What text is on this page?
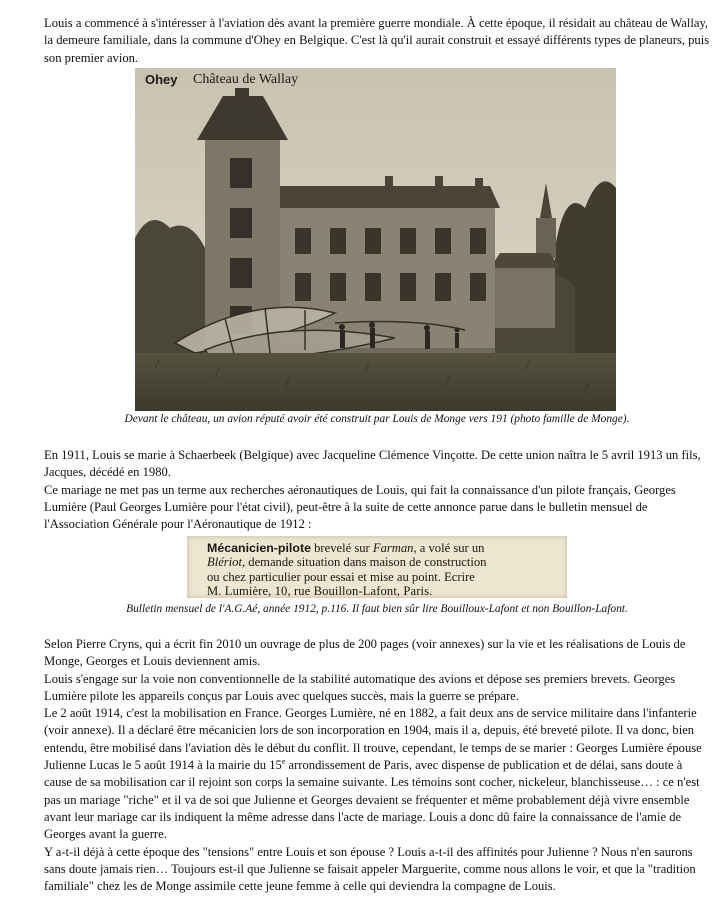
Louis a commencé à s'intéresser à l'aviation dès avant la première guerre mondiale. À cette époque, il résidait au château de Wallay, la demeure familiale, dans la commune d'Ohey en Belgique. C'est là qu'il aurait construit et essayé différents types de planeurs, puis son premier avion.

Ohey Château de Wallay
Devant le château, un avion réputé avoir été construit par Louis de Monge vers 191 (photo famille de Monge).

En 1911, Louis se marie à Schaerbeek (Belgique) avec Jacqueline Clémence Vinçotte. De cette union naîtra le 5 avril 1913 un fils, Jacques, décédé en 1980.

Ce mariage ne met pas un terme aux recherches aéronautiques de Louis, qui fait la connaissance d'un pilote français, Georges Lumière (Paul Georges Lumière pour l'état civil), peut-être à la suite de cette annonce parue dans le bulletin mensuel de l'Association Générale pour l'Aéronautique de 1912 :

Mécanicien-pilote brevelé sur Farman, a volé sur un
Blériot, demande situation dans maison de construction
ou chez particulier pour essai et mise au point. Ecrire
M. Lumière, 10, rue Bouillon-Lafont, Paris.
Bulletin mensuel de l'A.G.Aé, année 1912, p.116. Il faut bien sûr lire Bouilloux-Lafont et non Bouillon-Lafont.

Selon Pierre Cryns, qui a écrit fin 2010 un ouvrage de plus de 200 pages (voir annexes) sur la vie et les réalisations de Louis de Monge, Georges et Louis deviennent amis.

Louis s'engage sur la voie non conventionnelle de la stabilité automatique des avions et dépose ses premiers brevets. Georges Lumière pilote les appareils conçus par Louis avec quelques succès, mais la guerre se prépare.

Le 2 août 1914, c'est la mobilisation en France. Georges Lumière, né en 1882, a fait deux ans de service militaire dans l'infanterie (voir annexe). Il a déclaré être mécanicien lors de son incorporation en 1904, mais il a, depuis, été breveté pilote. Il va donc, bien entendu, être mobilisé dans l'aviation dès le début du conflit. Il trouve, cependant, le temps de se marier : Georges Lumière épouse Julienne Lucas le 5 août 1914 à la mairie du 15e arrondissement de Paris, avec dispense de publication et de délai, sans doute à cause de sa mobilisation car il rejoint son corps la semaine suivante. Les témoins sont cocher, nickeleur, blanchisseuse… : ce n'est pas un mariage "riche" et il va de soi que Julienne et Georges devaient se fréquenter et même probablement déjà vivre ensemble avant leur mariage car ils indiquent la même adresse dans l'acte de mariage. Louis a donc dû faire la connaissance de l'amie de Georges avant la guerre.

Y a-t-il déjà à cette époque des "tensions" entre Louis et son épouse ? Louis a-t-il des affinités pour Julienne ? Nous n'en saurons sans doute jamais rien… Toujours est-il que Julienne se faisait appeler Marguerite, comme nous allons le voir, et que la "tradition familiale" chez les de Monge assimile cette jeune femme à celle qui deviendra la compagne de Louis.
